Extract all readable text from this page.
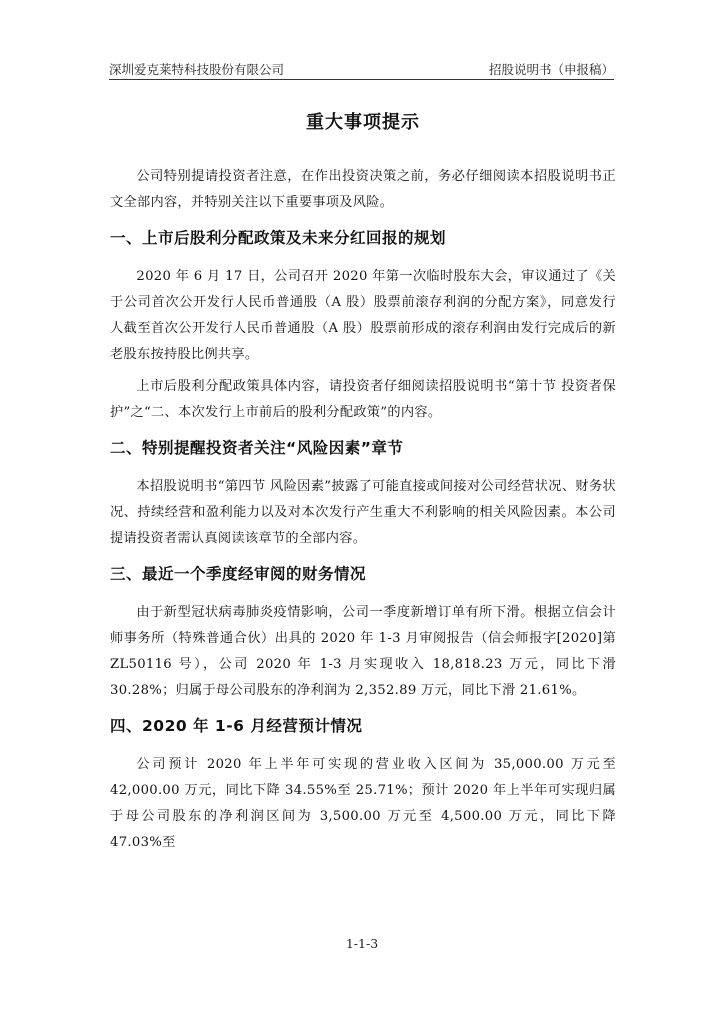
深圳爱克莱特科技股份有限公司	招股说明书（申报稿）
重大事项提示

公司特别提请投资者注意，在作出投资决策之前，务必仔细阅读本招股说明书正文全部内容，并特别关注以下重要事项及风险。

一、上市后股利分配政策及未来分红回报的规划

2020 年 6 月 17 日，公司召开 2020 年第一次临时股东大会，审议通过了《关于公司首次公开发行人民币普通股（A 股）股票前滚存利润的分配方案》，同意发行人截至首次公开发行人民币普通股（A 股）股票前形成的滚存利润由发行完成后的新老股东按持股比例共享。

上市后股利分配政策具体内容，请投资者仔细阅读招股说明书“第十节 投资者保护”之“二、本次发行上市前后的股利分配政策”的内容。

二、特别提醒投资者关注“风险因素”章节

本招股说明书“第四节 风险因素”披露了可能直接或间接对公司经营状况、财务状况、持续经营和盈利能力以及对本次发行产生重大不利影响的相关风险因素。本公司提请投资者需认真阅读该章节的全部内容。

三、最近一个季度经审阅的财务情况

由于新型冠状病毒肺炎疫情影响，公司一季度新增订单有所下滑。根据立信会计师事务所（特殊普通合伙）出具的 2020 年 1-3 月审阅报告（信会师报字[2020]第 ZL50116 号），公司 2020 年 1-3 月实现收入 18,818.23 万元，同比下滑 30.28%；归属于母公司股东的净利润为 2,352.89 万元，同比下滑 21.61%。

四、2020 年 1-6 月经营预计情况

公司预计 2020 年上半年可实现的营业收入区间为 35,000.00 万元至 42,000.00 万元，同比下降 34.55%至 25.71%；预计 2020 年上半年可实现归属于母公司股东的净利润区间为 3,500.00 万元至 4,500.00 万元，同比下降 47.03%至

1-1-3
